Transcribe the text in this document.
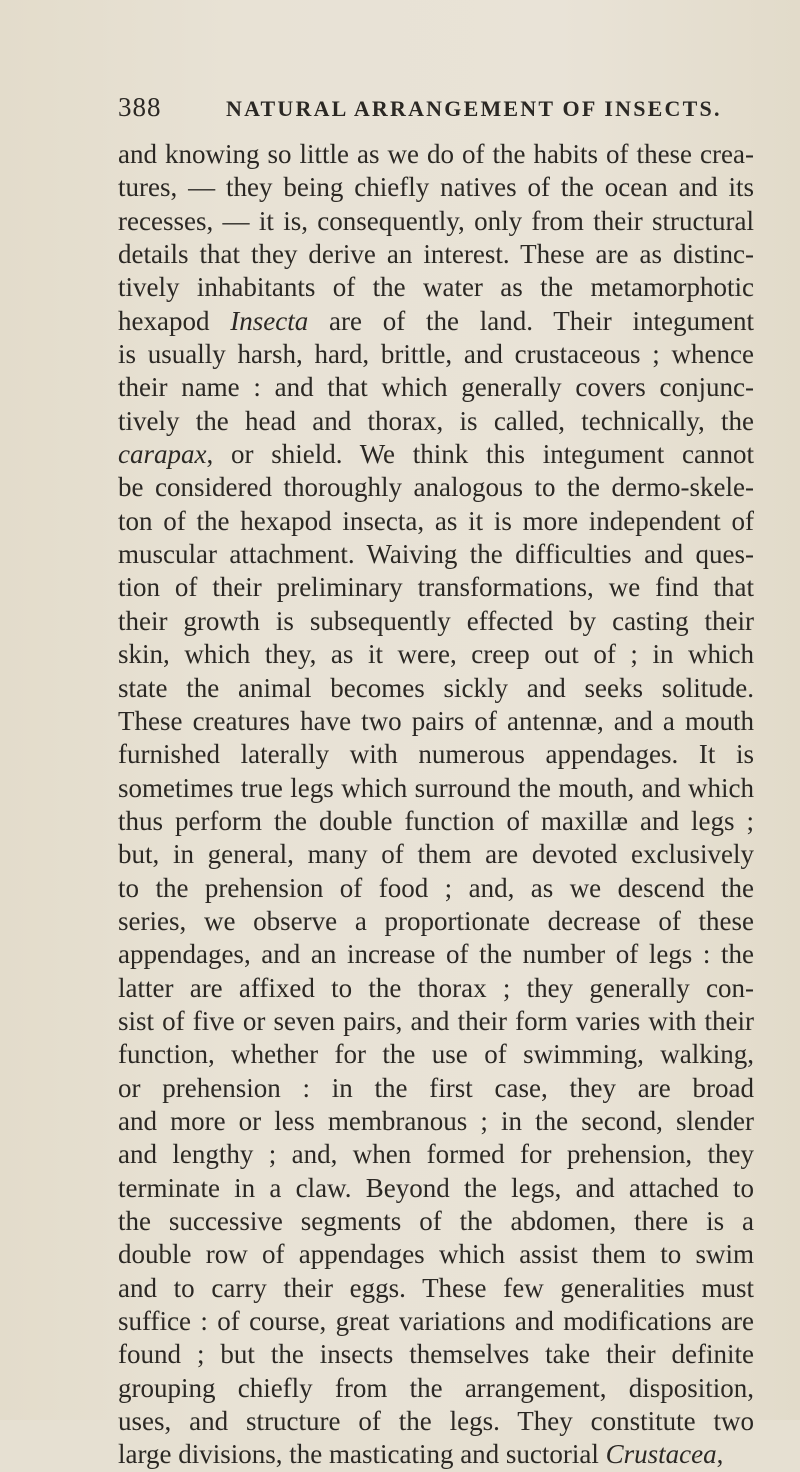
388	NATURAL ARRANGEMENT OF INSECTS.
and knowing so little as we do of the habits of these crea-
tures, — they being chiefly natives of the ocean and its
recesses, — it is, consequently, only from their structural
details that they derive an interest. These are as distinc-
tively inhabitants of the water as the metamorphotic
hexapod Insecta are of the land. Their integument
is usually harsh, hard, brittle, and crustaceous ; whence
their name : and that which generally covers conjunc-
tively the head and thorax, is called, technically, the
carapax, or shield. We think this integument cannot
be considered thoroughly analogous to the dermo-skele-
ton of the hexapod insecta, as it is more independent of
muscular attachment. Waiving the difficulties and ques-
tion of their preliminary transformations, we find that
their growth is subsequently effected by casting their
skin, which they, as it were, creep out of ; in which
state the animal becomes sickly and seeks solitude.
These creatures have two pairs of antennæ, and a mouth
furnished laterally with numerous appendages. It is
sometimes true legs which surround the mouth, and which
thus perform the double function of maxillæ and legs ;
but, in general, many of them are devoted exclusively
to the prehension of food ; and, as we descend the
series, we observe a proportionate decrease of these
appendages, and an increase of the number of legs : the
latter are affixed to the thorax ; they generally con-
sist of five or seven pairs, and their form varies with their
function, whether for the use of swimming, walking,
or prehension : in the first case, they are broad
and more or less membranous ; in the second, slender
and lengthy ; and, when formed for prehension, they
terminate in a claw. Beyond the legs, and attached to
the successive segments of the abdomen, there is a
double row of appendages which assist them to swim
and to carry their eggs. These few generalities must
suffice : of course, great variations and modifications are
found ; but the insects themselves take their definite
grouping chiefly from the arrangement, disposition,
uses, and structure of the legs. They constitute two
large divisions, the masticating and suctorial Crustacea,
